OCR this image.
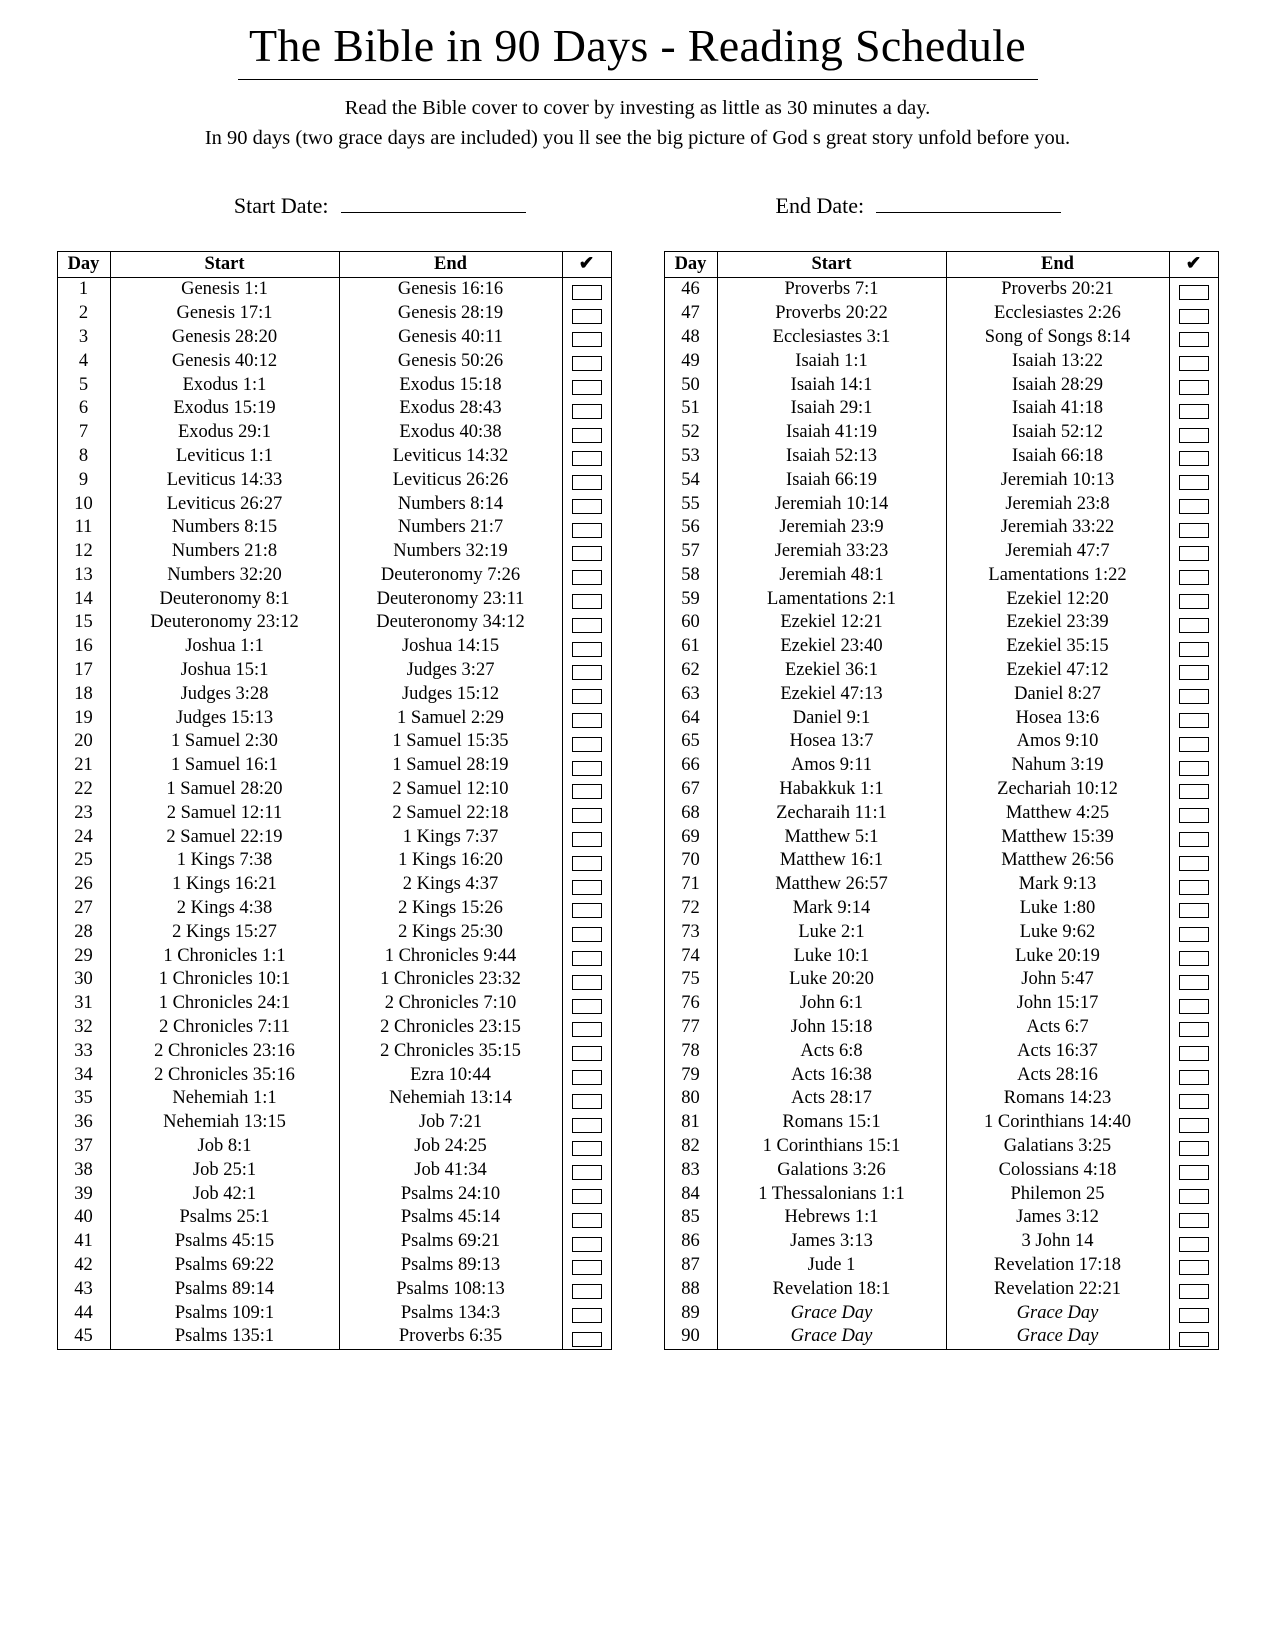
The Bible in 90 Days - Reading Schedule
Read the Bible cover to cover by investing as little as 30 minutes a day.
In 90 days (two grace days are included) you ll see the big picture of God s great story unfold before you.
Start Date:	End Date:
Day	Start	End	✔
1	Genesis 1:1	Genesis 16:16	

2	Genesis 17:1	Genesis 28:19	

3	Genesis 28:20	Genesis 40:11	

4	Genesis 40:12	Genesis 50:26	

5	Exodus 1:1	Exodus 15:18	

6	Exodus 15:19	Exodus 28:43	

7	Exodus 29:1	Exodus 40:38	

8	Leviticus 1:1	Leviticus 14:32	

9	Leviticus 14:33	Leviticus 26:26	

10	Leviticus 26:27	Numbers 8:14	

11	Numbers 8:15	Numbers 21:7	

12	Numbers 21:8	Numbers 32:19	

13	Numbers 32:20	Deuteronomy 7:26	

14	Deuteronomy 8:1	Deuteronomy 23:11	

15	Deuteronomy 23:12	Deuteronomy 34:12	

16	Joshua 1:1	Joshua 14:15	

17	Joshua 15:1	Judges 3:27	

18	Judges 3:28	Judges 15:12	

19	Judges 15:13	1 Samuel 2:29	

20	1 Samuel 2:30	1 Samuel 15:35	

21	1 Samuel 16:1	1 Samuel 28:19	

22	1 Samuel 28:20	2 Samuel 12:10	

23	2 Samuel 12:11	2 Samuel 22:18	

24	2 Samuel 22:19	1 Kings 7:37	

25	1 Kings 7:38	1 Kings 16:20	

26	1 Kings 16:21	2 Kings 4:37	

27	2 Kings 4:38	2 Kings 15:26	

28	2 Kings 15:27	2 Kings 25:30	

29	1 Chronicles 1:1	1 Chronicles 9:44	

30	1 Chronicles 10:1	1 Chronicles 23:32	

31	1 Chronicles 24:1	2 Chronicles 7:10	

32	2 Chronicles 7:11	2 Chronicles 23:15	

33	2 Chronicles 23:16	2 Chronicles 35:15	

34	2 Chronicles 35:16	Ezra 10:44	

35	Nehemiah 1:1	Nehemiah 13:14	

36	Nehemiah 13:15	Job 7:21	

37	Job 8:1	Job 24:25	

38	Job 25:1	Job 41:34	

39	Job 42:1	Psalms 24:10	

40	Psalms 25:1	Psalms 45:14	

41	Psalms 45:15	Psalms 69:21	

42	Psalms 69:22	Psalms 89:13	

43	Psalms 89:14	Psalms 108:13	

44	Psalms 109:1	Psalms 134:3	

45	Psalms 135:1	Proverbs 6:35	
Day	Start	End	✔
46	Proverbs 7:1	Proverbs 20:21	

47	Proverbs 20:22	Ecclesiastes 2:26	

48	Ecclesiastes 3:1	Song of Songs 8:14	

49	Isaiah 1:1	Isaiah 13:22	

50	Isaiah 14:1	Isaiah 28:29	

51	Isaiah 29:1	Isaiah 41:18	

52	Isaiah 41:19	Isaiah 52:12	

53	Isaiah 52:13	Isaiah 66:18	

54	Isaiah 66:19	Jeremiah 10:13	

55	Jeremiah 10:14	Jeremiah 23:8	

56	Jeremiah 23:9	Jeremiah 33:22	

57	Jeremiah 33:23	Jeremiah 47:7	

58	Jeremiah 48:1	Lamentations 1:22	

59	Lamentations 2:1	Ezekiel 12:20	

60	Ezekiel 12:21	Ezekiel 23:39	

61	Ezekiel 23:40	Ezekiel 35:15	

62	Ezekiel 36:1	Ezekiel 47:12	

63	Ezekiel 47:13	Daniel 8:27	

64	Daniel 9:1	Hosea 13:6	

65	Hosea 13:7	Amos 9:10	

66	Amos 9:11	Nahum 3:19	

67	Habakkuk 1:1	Zechariah 10:12	

68	Zecharaih 11:1	Matthew 4:25	

69	Matthew 5:1	Matthew 15:39	

70	Matthew 16:1	Matthew 26:56	

71	Matthew 26:57	Mark 9:13	

72	Mark 9:14	Luke 1:80	

73	Luke 2:1	Luke 9:62	

74	Luke 10:1	Luke 20:19	

75	Luke 20:20	John 5:47	

76	John 6:1	John 15:17	

77	John 15:18	Acts 6:7	

78	Acts 6:8	Acts 16:37	

79	Acts 16:38	Acts 28:16	

80	Acts 28:17	Romans 14:23	

81	Romans 15:1	1 Corinthians 14:40	

82	1 Corinthians 15:1	Galatians 3:25	

83	Galations 3:26	Colossians 4:18	

84	1 Thessalonians 1:1	Philemon 25	

85	Hebrews 1:1	James 3:12	

86	James 3:13	3 John 14	

87	Jude 1	Revelation 17:18	

88	Revelation 18:1	Revelation 22:21	

89	Grace Day	Grace Day	

90	Grace Day	Grace Day	
